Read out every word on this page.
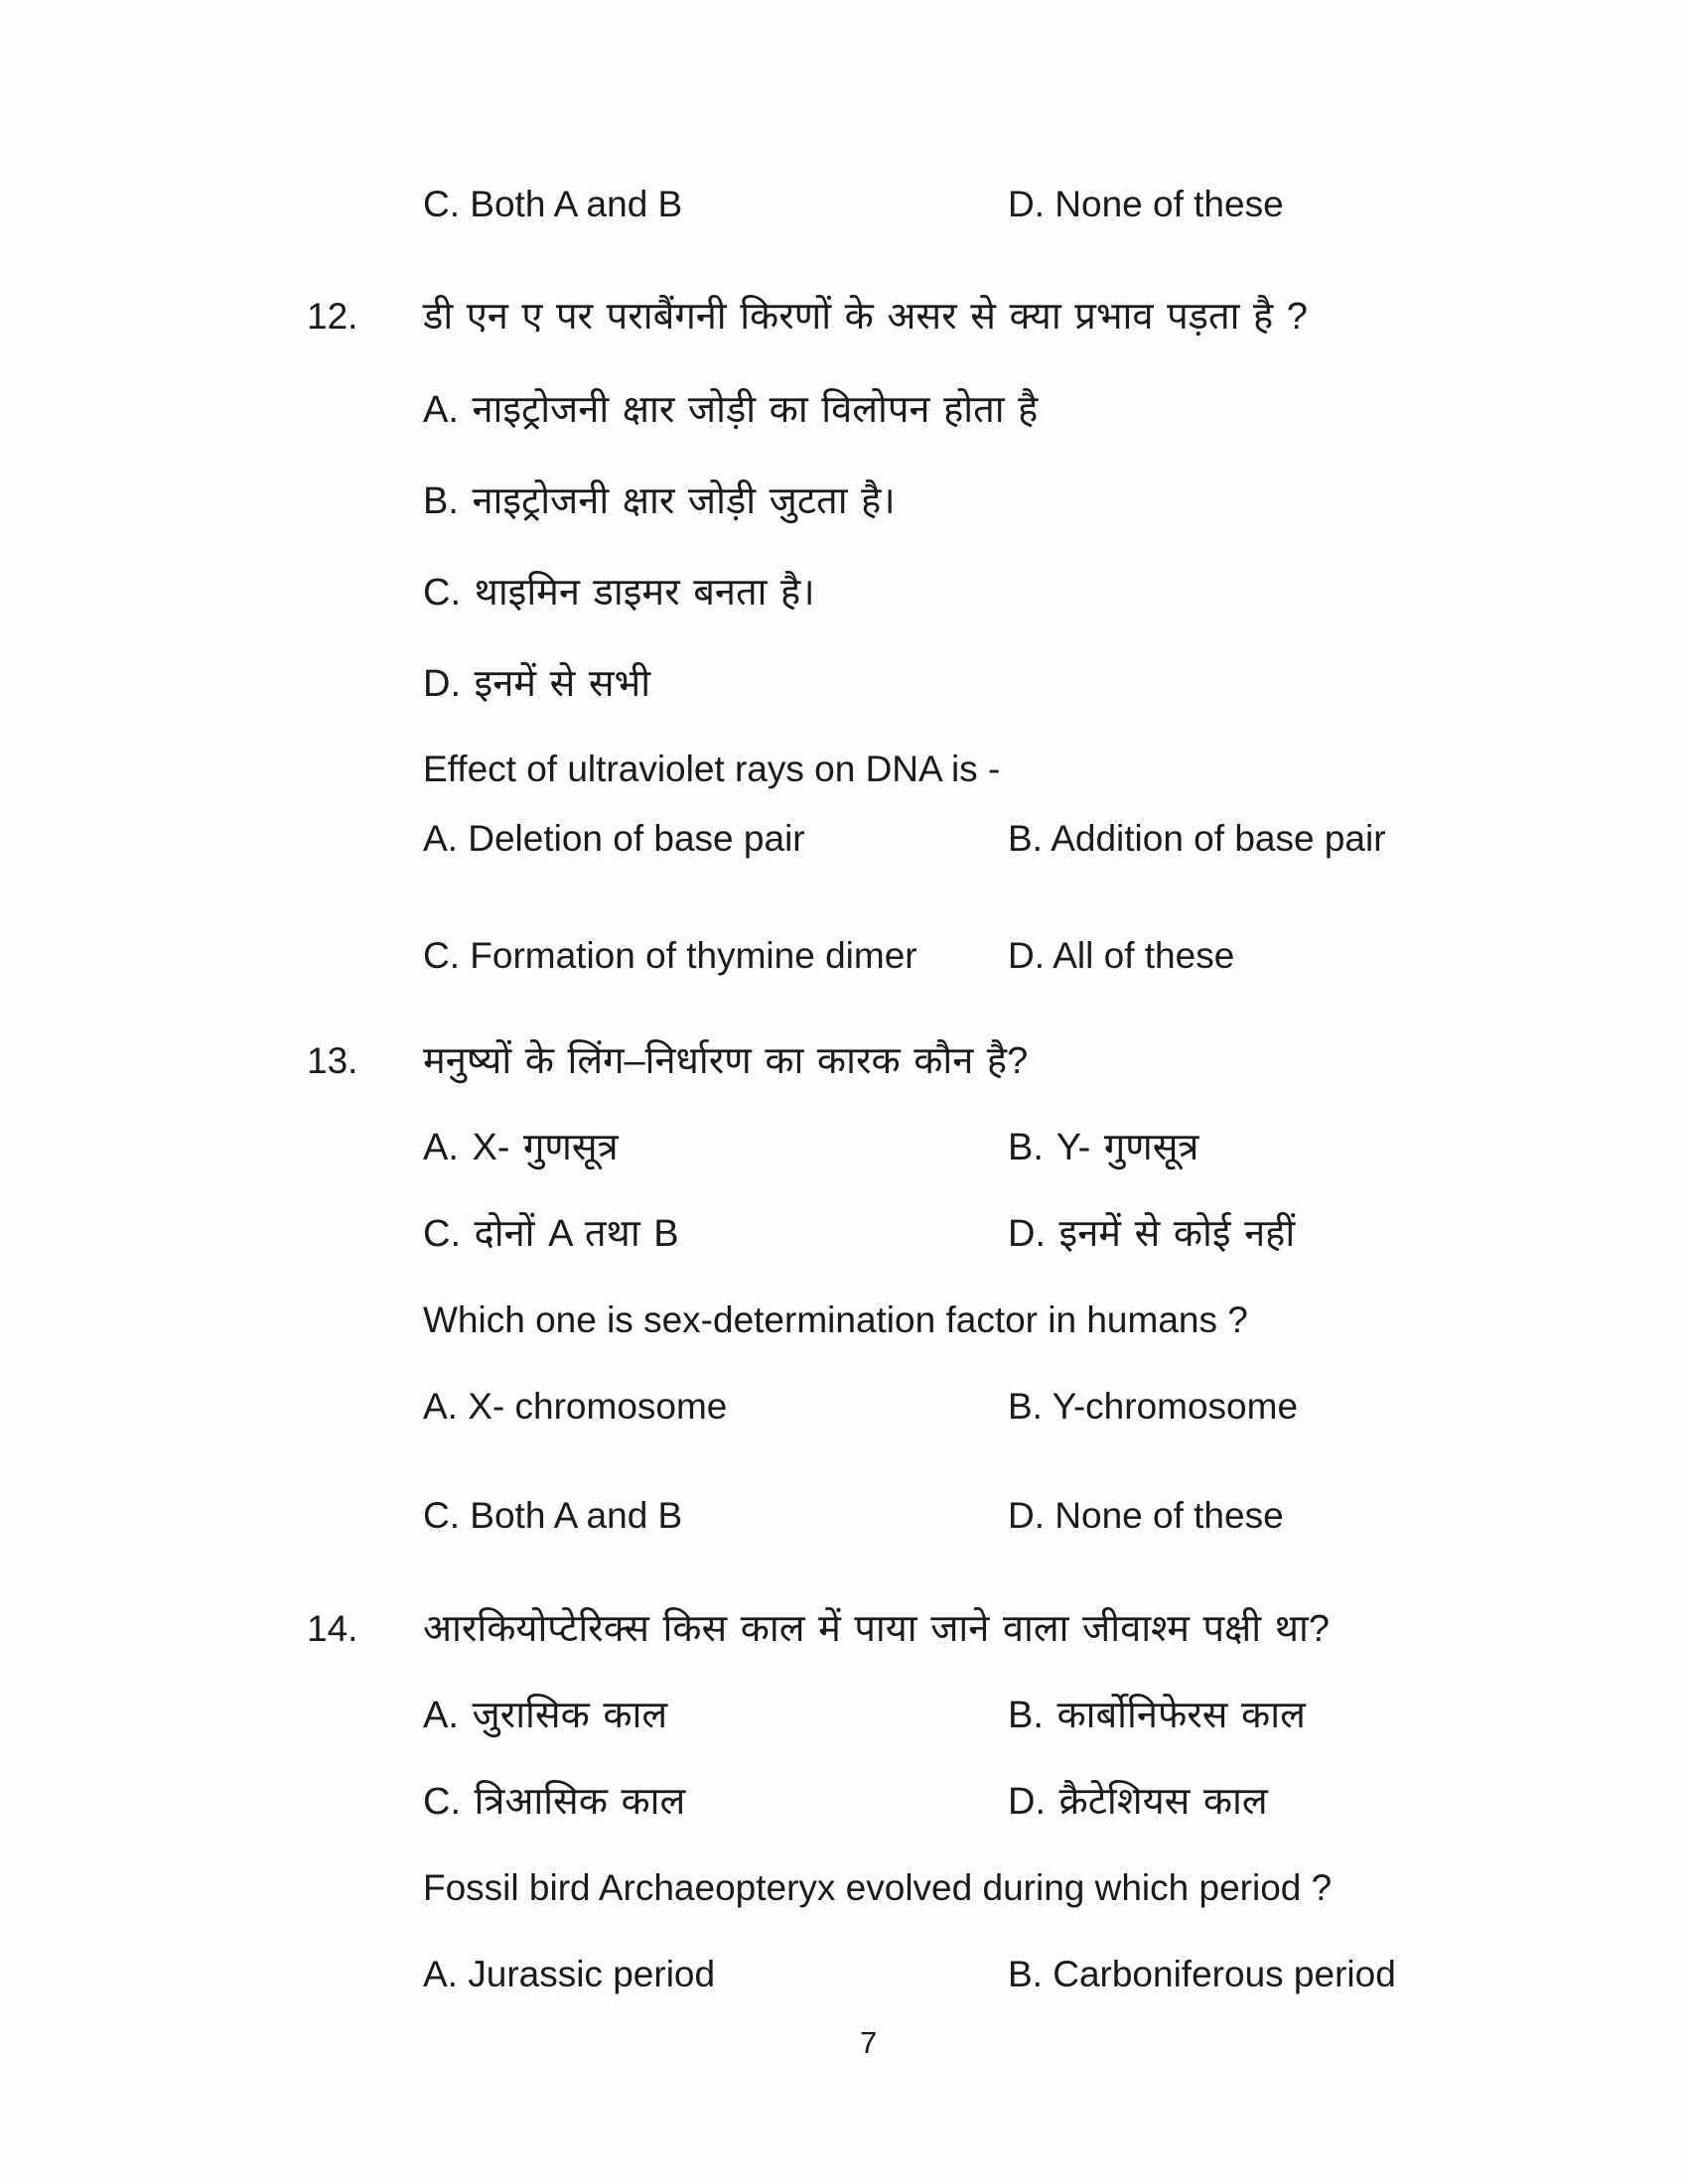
C. Both A and B	D. None of these
12. डी एन ए पर पराबैंगनी किरणों के असर से क्या प्रभाव पड़ता है ?
A. नाइट्रोजनी क्षार जोड़ी का विलोपन होता है
B. नाइट्रोजनी क्षार जोड़ी जुटता है।
C. थाइमिन डाइमर बनता है।
D. इनमें से सभी
Effect of ultraviolet rays on DNA is -
A. Deletion of base pair	B. Addition of base pair
C. Formation of thymine dimer D. All of these
13. मनुष्यों के लिंग–निर्धारण का कारक कौन है?
A. X- गुणसूत्र	B. Y- गुणसूत्र
C. दोनों A तथा B	D. इनमें से कोई नहीं
Which one is sex-determination factor in humans ?
A. X- chromosome	B. Y-chromosome
C. Both A and B	D. None of these
14. आरकियोप्टेरिक्स किस काल में पाया जाने वाला जीवाश्म पक्षी था?
A. जुरासिक काल	B. कार्बोनिफेरस काल
C. त्रिआसिक काल	D. क्रैटेशियस काल
Fossil bird Archaeopteryx evolved during which period ?
A. Jurassic period	B. Carboniferous period
7
